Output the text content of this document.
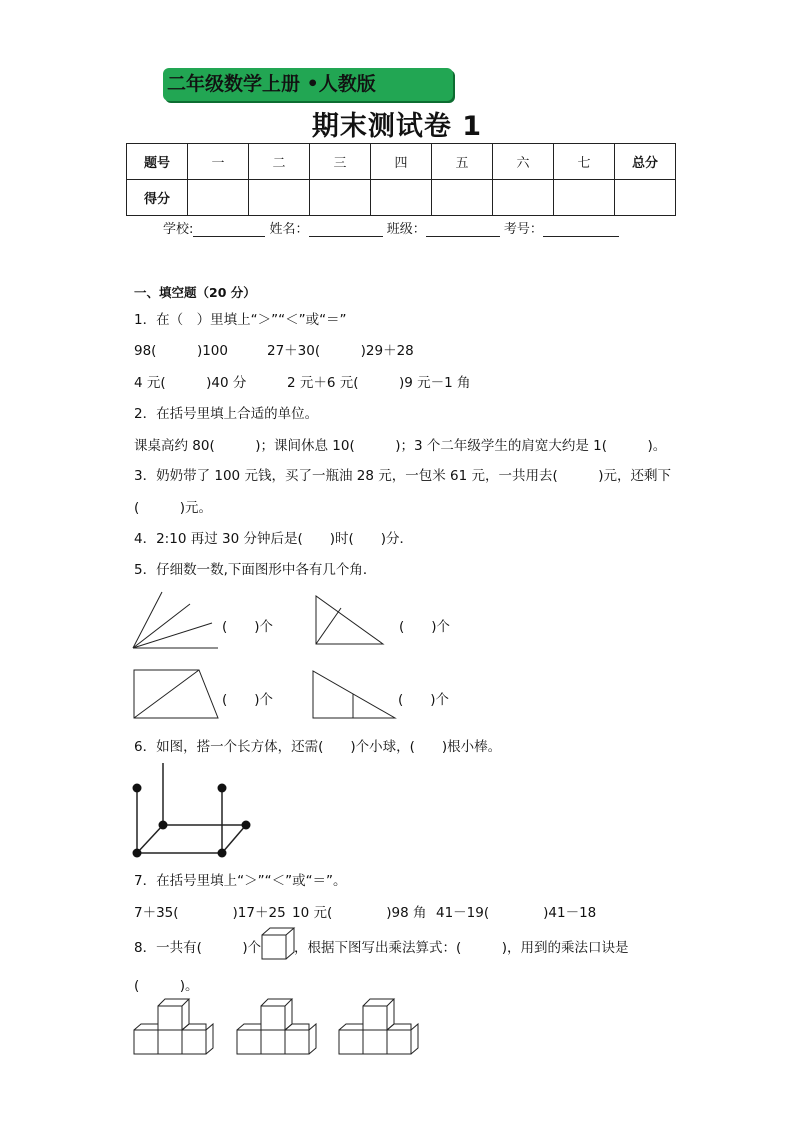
二年级数学上册 •人教版
期末测试卷 1
题号	一	二	三	四	五	六	七	总分
得分								
学校:	姓名：	班级：	考号：
一、填空题（20 分）
1．在（　）里填上“＞”“＜”或“＝”
98(　　　)100	27＋30(　　　)29＋28
4 元(　　　)40 分	2 元＋6 元(　　　)9 元－1 角
2．在括号里填上合适的单位。
课桌高约 80(　　　)；课间休息 10(　　　)；3 个二年级学生的肩宽大约是 1(　　　)。
3．奶奶带了 100 元钱，买了一瓶油 28 元，一包米 61 元，一共用去(　　　)元，还剩下
(　　　)元。
4．2:10 再过 30 分钟后是(　　)时(　　)分．
5．仔细数一数,下面图形中各有几个角．
(　　)个	(　　)个
(　　)个	(　　)个
6．如图，搭一个长方体，还需(　　)个小球，(　　)根小棒。
7．在括号里填上“＞”“＜”或“＝”。
7＋35(　　　　)17＋25 10 元(　　　　)98 角 41－19(　　　　)41－18
8．一共有(　　　)个 ，根据下图写出乘法算式：(　　　)，用到的乘法口诀是
(　　　)。
